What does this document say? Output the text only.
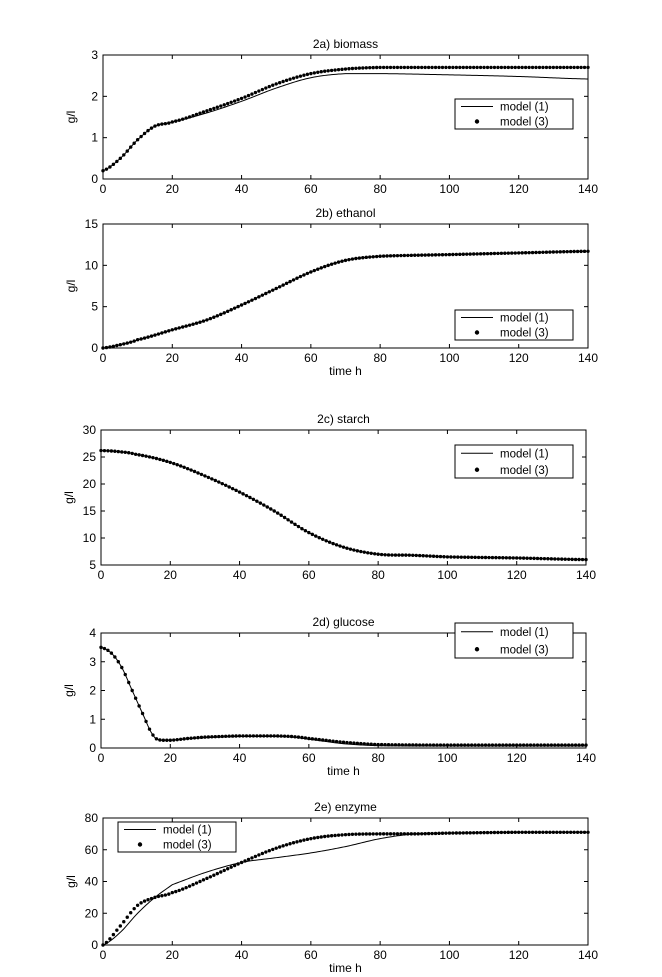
2a) biomass
0	20	40	60	80	100	120	140
0
1
2
3
g/l
model (1)
model (3)
2b) ethanol
0	20	40	60	80	100	120	140
0
5
10
15
g/l
time h
model (1)
model (3)
2c) starch
0	20	40	60	80	100	120	140
5
10
15
20
25
30
g/l
model (1)
model (3)
2d) glucose
0	20	40	60	80	100	120	140
0
1
2
3
4
g/l
time h
model (1)
model (3)
2e) enzyme
0	20	40	60	80	100	120	140
0
20
40
60
80
g/l
time h
model (1)
model (3)
